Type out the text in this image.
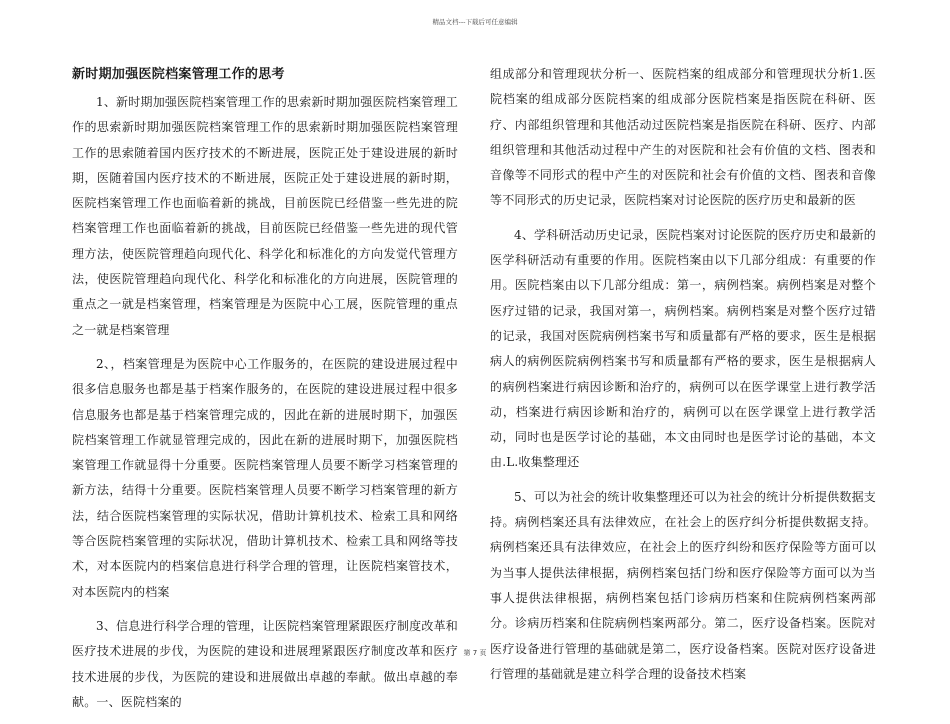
精品文档---下载后可任意编辑
新时期加强医院档案管理工作的思考

1、新时期加强医院档案管理工作的思索新时期加强医院档案管理工作的思索新时期加强医院档案管理工作的思索新时期加强医院档案管理工作的思索随着国内医疗技术的不断进展，医院正处于建设进展的新时期，医随着国内医疗技术的不断进展，医院正处于建设进展的新时期，医院档案管理工作也面临着新的挑战，目前医院已经借鉴一些先进的院档案管理工作也面临着新的挑战，目前医院已经借鉴一些先进的现代管理方法，使医院管理趋向现代化、科学化和标准化的方向发觉代管理方法，使医院管理趋向现代化、科学化和标准化的方向进展，医院管理的重点之一就是档案管理，档案管理是为医院中心工展，医院管理的重点之一就是档案管理

2、，档案管理是为医院中心工作服务的，在医院的建设进展过程中很多信息服务也都是基于档案作服务的，在医院的建设进展过程中很多信息服务也都是基于档案管理完成的，因此在新的进展时期下，加强医院档案管理工作就显管理完成的，因此在新的进展时期下，加强医院档案管理工作就显得十分重要。医院档案管理人员要不断学习档案管理的新方法，结得十分重要。医院档案管理人员要不断学习档案管理的新方法，结合医院档案管理的实际状况，借助计算机技术、检索工具和网络等合医院档案管理的实际状况，借助计算机技术、检索工具和网络等技术，对本医院内的档案信息进行科学合理的管理，让医院档案管技术，对本医院内的档案

3、信息进行科学合理的管理，让医院档案管理紧跟医疗制度改革和医疗技术进展的步伐，为医院的建设和进展理紧跟医疗制度改革和医疗技术进展的步伐，为医院的建设和进展做出卓越的奉献。做出卓越的奉献。一、医院档案的

组成部分和管理现状分析一、医院档案的组成部分和管理现状分析1.医院档案的组成部分医院档案的组成部分医院档案是指医院在科研、医疗、内部组织管理和其他活动过医院档案是指医院在科研、医疗、内部组织管理和其他活动过程中产生的对医院和社会有价值的文档、图表和音像等不同形式的程中产生的对医院和社会有价值的文档、图表和音像等不同形式的历史记录，医院档案对讨论医院的医疗历史和最新的医

4、学科研活动历史记录，医院档案对讨论医院的医疗历史和最新的医学科研活动有重要的作用。医院档案由以下几部分组成：有重要的作用。医院档案由以下几部分组成：第一，病例档案。病例档案是对整个医疗过错的记录，我国对第一，病例档案。病例档案是对整个医疗过错的记录，我国对医院病例档案书写和质量都有严格的要求，医生是根据病人的病例医院病例档案书写和质量都有严格的要求，医生是根据病人的病例档案进行病因诊断和治疗的，病例可以在医学课堂上进行教学活动，档案进行病因诊断和治疗的，病例可以在医学课堂上进行教学活动，同时也是医学讨论的基础，本文由同时也是医学讨论的基础，本文由.L.收集整理还

5、可以为社会的统计收集整理还可以为社会的统计分析提供数据支持。病例档案还具有法律效应，在社会上的医疗纠分析提供数据支持。病例档案还具有法律效应，在社会上的医疗纠纷和医疗保险等方面可以为当事人提供法律根据，病例档案包括门纷和医疗保险等方面可以为当事人提供法律根据，病例档案包括门诊病历档案和住院病例档案两部分。诊病历档案和住院病例档案两部分。第二，医疗设备档案。医院对医疗设备进行管理的基础就是第二，医疗设备档案。医院对医疗设备进行管理的基础就是建立科学合理的设备技术档案

第 7 页
